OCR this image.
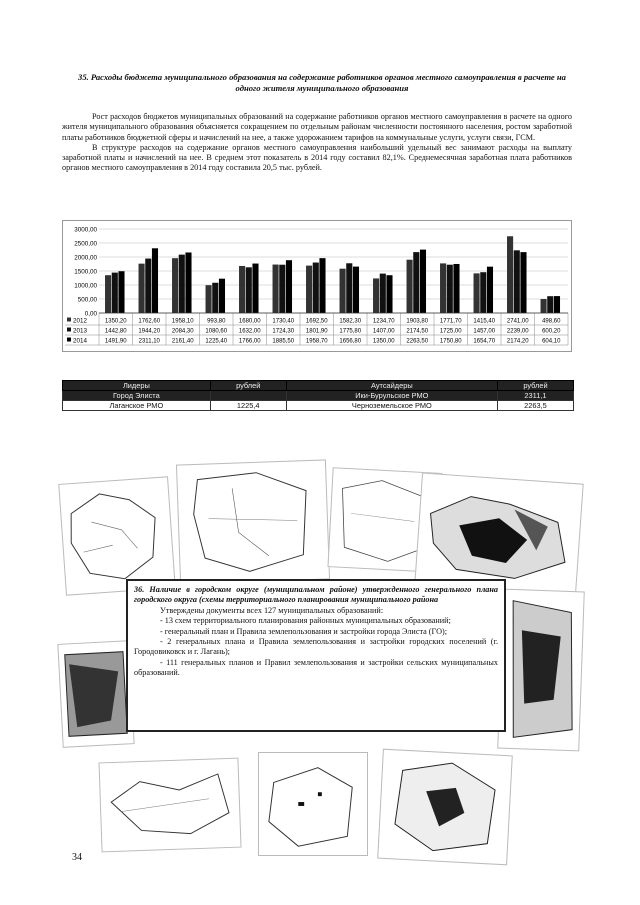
35. Расходы бюджета муниципального образования на содержание работников органов местного самоуправления в расчете на одного жителя муниципального образования

Рост расходов бюджетов муниципальных образований на содержание работников органов местного самоуправления в расчете на одного жителя муниципального образования объясняется сокращением по отдельным районам численности постоянного населения, ростом заработной платы работников бюджетной сферы и начислений на нее, а также удорожанием тарифов на коммунальные услуги, услуги связи, ГСМ.

В структуре расходов на содержание органов местного самоуправления наибольший удельный вес занимают расходы на выплату заработной платы и начислений на нее. В среднем этот показатель в 2014 году составил 82,1%. Среднемесячная заработная плата работников органов местного самоуправления в 2014 году составила 20,5 тыс. рублей.

3000,00
2500,00
2000,00
1500,00
1000,00
500,00
0,00
2012	1350,20 1762,60 1958,10 993,80 1680,00 1730,40 1692,50 1582,30 1234,70 1903,80 1771,70 1415,40 2741,00 498,60
2013	1442,80 1944,20 2084,30 1080,60 1632,00 1724,30 1801,90 1775,80 1407,00 2174,50 1725,00 1457,00 2239,00 600,20
2014	1491,90 2311,10 2161,40 1225,40 1766,00 1885,50 1958,70 1656,80 1350,00 2263,50 1750,80 1654,70 2174,20 604,10
Лидеры	рублей	Аутсайдеры	рублей
Город Элиста		Ики-Бурульское РМО	2311,1
Лаганское РМО	1225,4	Черноземельское РМО	2263,5
36. Наличие в городском округе (муниципальном районе) утвержденного генерального плана городского округа (схемы территориального планирования муниципального района

Утверждены документы всех 127 муниципальных образований:

- 13 схем территориального планирования районных муниципальных образований;

- генеральный план и Правила землепользования и застройки города Элиста (ГО);

- 2 генеральных плана и Правила землепользования и застройки городских поселений (г. Городовиковск и г. Лагань);

- 111 генеральных планов и Правил землепользования и застройки сельских муниципальных образований.

34
